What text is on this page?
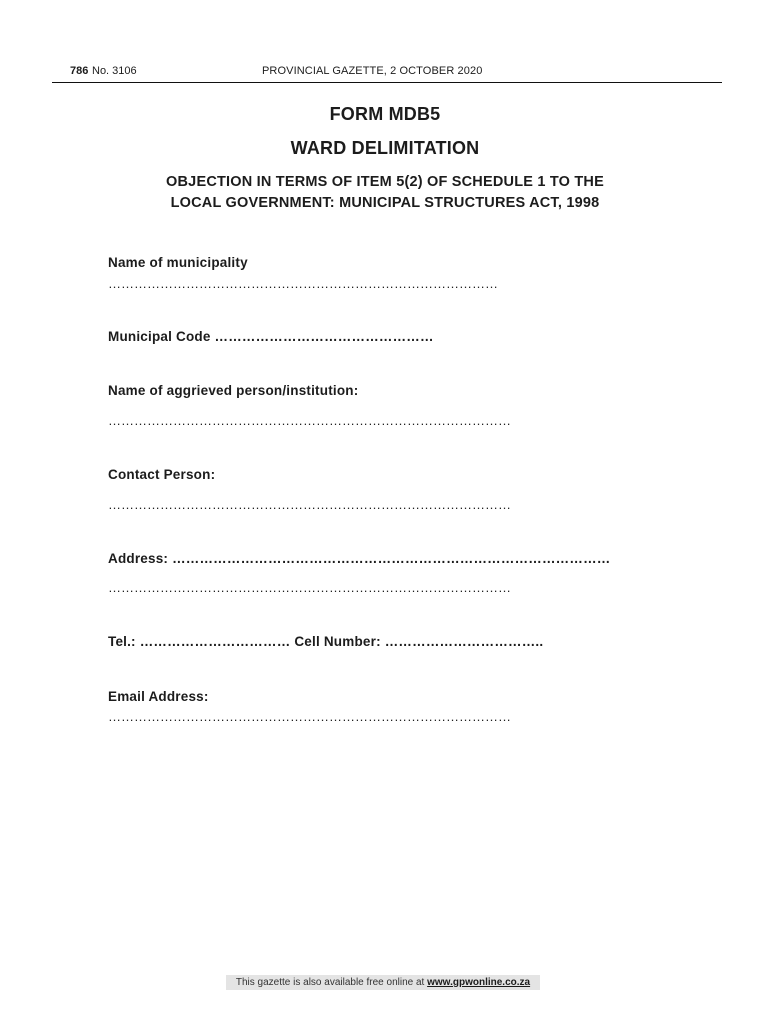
786 No. 3106	PROVINCIAL GAZETTE, 2 OCTOBER 2020
FORM MDB5
WARD DELIMITATION
OBJECTION IN TERMS OF ITEM 5(2) OF SCHEDULE 1 TO THE
LOCAL GOVERNMENT: MUNICIPAL STRUCTURES ACT, 1998
Name of municipality
………………………………………………………………………………
Municipal Code …………………………………………
Name of aggrieved person/institution:
…………………………………………………………………………………
Contact Person:
…………………………………………………………………………………
Address: ……………………………………………………………………………………
…………………………………………………………………………………
Tel.: …………………………… Cell Number: ……………………………..
Email Address:
…………………………………………………………………………………
This gazette is also available free online at www.gpwonline.co.za
